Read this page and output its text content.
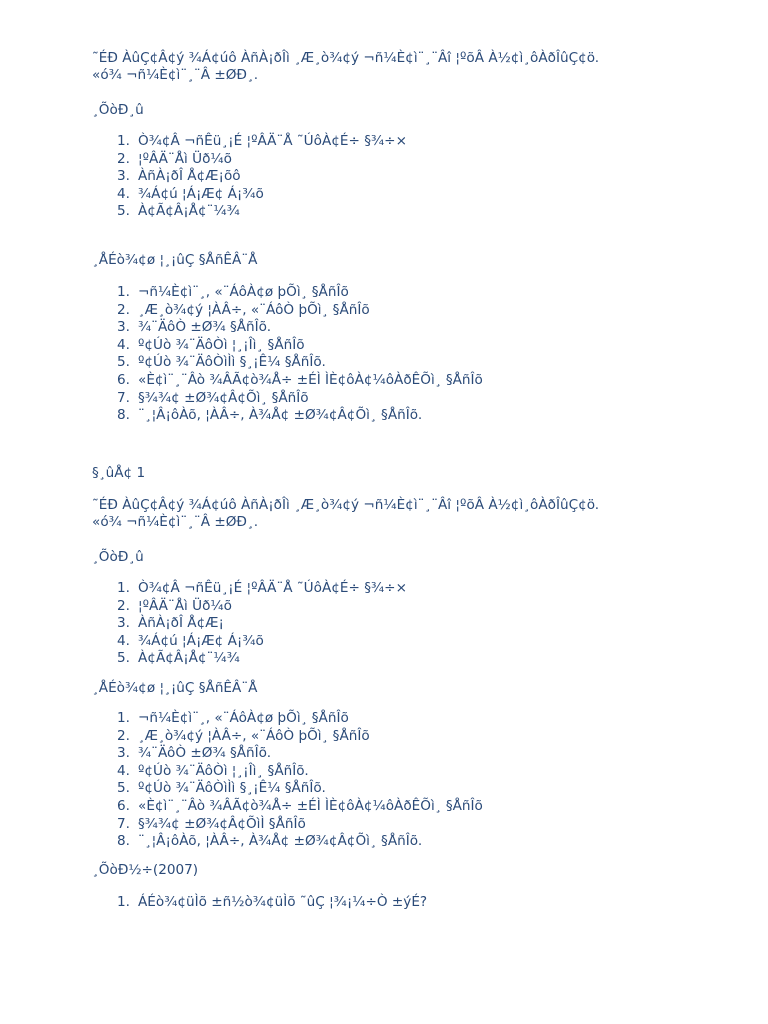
˜ÉÐ ÀûÇ¢Â¢ý ¾Á¢úô ÀñÀ¡ðÎì ¸Æ¸ò¾¢ý ¬ñ¼È¢ì¨¸¨Âî ¦ºõÂ À½¢ì¸ôÀðÎûÇ¢ö.

«ó¾ ¬ñ¼È¢ì¨¸¨Â ±ØÐ¸.

¸ÕòÐ¸û

1. Ò¾¢Â ¬ñÊü¸¡É ¦ºÂÄ¨Å ˜ÚôÀ¢É÷ §¾÷×
2. ¦ºÂÄ¨Åì Üð¼õ
3. ÀñÀ¡ðÎ Å¢Æ¡õô
4. ¾Á¢ú ¦Á¡Æ¢ Á¡¾õ
5. À¢Ã¢Â¡Å¢¨¼¾

¸ÅÉò¾¢ø ¦¸¡ûÇ §ÅñÊÂ¨Å

1. ¬ñ¼È¢ì¨¸, «¨ÁôÀ¢ø þÕì¸ §ÅñÎõ
2. ¸Æ¸ò¾¢ý ¦ÀÂ÷, «¨ÁôÒ þÕì¸ §ÅñÎõ
3. ¾¨ÄôÒ ±Ø¾ §ÅñÎõ.
4. º¢Úò ¾¨ÄôÒì ¦¸¡Îì¸ §ÅñÎõ
5. º¢Úò ¾¨ÄôÒìÌì §¸¡Ê¼ §ÅñÎõ.
6. «È¢ì¨¸¨Âò ¾ÂÃ¢ò¾Å÷ ±ÉÌ ÌÈ¢ôÀ¢¼ôÀðÊÕì¸ §ÅñÎõ
7. §¾¾¢ ±Ø¾¢Â¢Õì¸ §ÅñÎõ
8. ¨¸¦Â¡ôÀõ, ¦ÀÂ÷, À¾Å¢ ±Ø¾¢Â¢Õì¸ §ÅñÎõ.

§¸ûÅ¢ 1

˜ÉÐ ÀûÇ¢Â¢ý ¾Á¢úô ÀñÀ¡ðÎì ¸Æ¸ò¾¢ý ¬ñ¼È¢ì¨¸¨Âî ¦ºõÂ À½¢ì¸ôÀðÎûÇ¢ö.

«ó¾ ¬ñ¼È¢ì¨¸¨Â ±ØÐ¸.

¸ÕòÐ¸û

1. Ò¾¢Â ¬ñÊü¸¡É ¦ºÂÄ¨Å ˜ÚôÀ¢É÷ §¾÷×
2. ¦ºÂÄ¨Åì Üð¼õ
3. ÀñÀ¡ðÎ Å¢Æ¡
4. ¾Á¢ú ¦Á¡Æ¢ Á¡¾õ
5. À¢Ã¢Â¡Å¢¨¼¾

¸ÅÉò¾¢ø ¦¸¡ûÇ §ÅñÊÂ¨Å

1. ¬ñ¼È¢ì¨¸, «¨ÁôÀ¢ø þÕì¸ §ÅñÎõ
2. ¸Æ¸ò¾¢ý ¦ÀÂ÷, «¨ÁôÒ þÕì¸ §ÅñÎõ
3. ¾¨ÄôÒ ±Ø¾ §ÅñÎõ.
4. º¢Úò ¾¨ÄôÒì ¦¸¡Îì¸ §ÅñÎõ.
5. º¢Úò ¾¨ÄôÒìÌì §¸¡Ê¼ §ÅñÎõ.
6. «È¢ì¨¸¨Âò ¾ÂÃ¢ò¾Å÷ ±ÉÌ ÌÈ¢ôÀ¢¼ôÀðÊÕì¸ §ÅñÎõ
7. §¾¾¢ ±Ø¾¢Â¢ÕìÌ §ÅñÎõ
8. ¨¸¦Â¡ôÀõ, ¦ÀÂ÷, À¾Å¢ ±Ø¾¢Â¢Õì¸ §ÅñÎõ.

¸ÕòÐ½÷(2007)

1. ÁÉò¾¢üÌõ ±ñ½ò¾¢üÌõ ˜ûÇ ¦¾¡¼÷Ò ±ýÉ?
